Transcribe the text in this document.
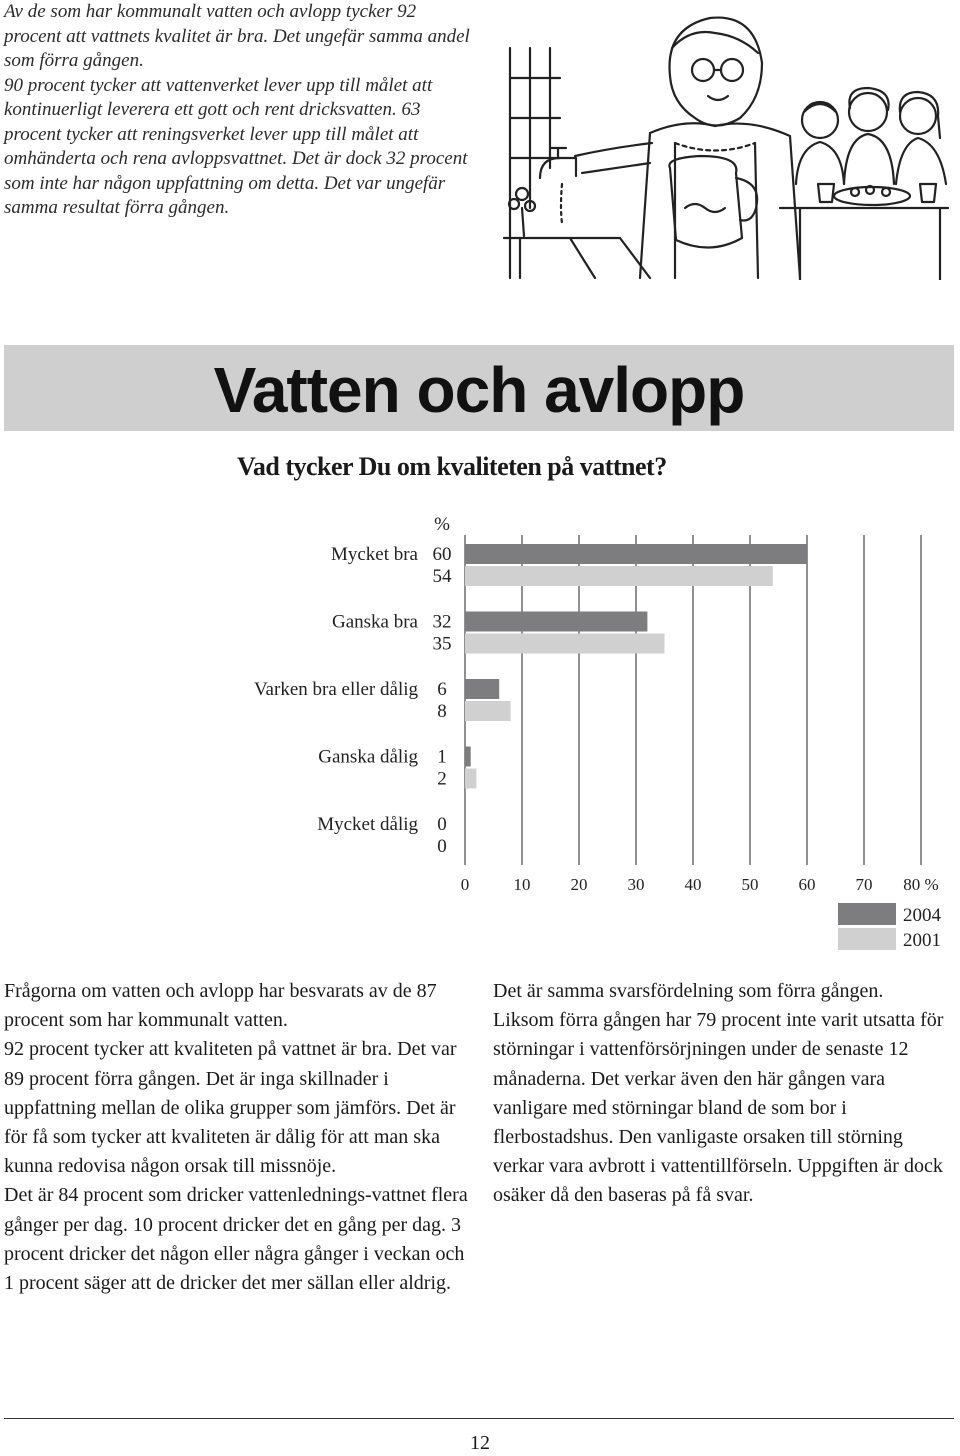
Av de som har kommunalt vatten och avlopp tycker 92 procent att vattnets kvalitet är bra. Det ungefär samma andel som förra gången.

90 procent tycker att vattenverket lever upp till målet att kontinuerligt leverera ett gott och rent dricksvatten. 63 procent tycker att reningsverket lever upp till målet att omhänderta och rena avloppsvattnet. Det är dock 32 procent som inte har någon uppfattning om detta. Det var ungefär samma resultat förra gången.

Vatten och avlopp
Vad tycker Du om kvaliteten på vattnet?
0	10 20 30 40 50 60 70 80 %
%
Mycket bra 60
54
Ganska bra 32
35
Varken bra eller dålig 6
8
Ganska dålig 1
2
Mycket dålig 0
0
2004
2001

Frågorna om vatten och avlopp har besvarats av de 87 procent som har kommunalt vatten.

92 procent tycker att kvaliteten på vattnet är bra. Det var 89 procent förra gången. Det är inga skillnader i uppfattning mellan de olika grupper som jämförs. Det är för få som tycker att kvaliteten är dålig för att man ska kunna redovisa någon orsak till missnöje.

Det är 84 procent som dricker vattenlednings-vattnet flera gånger per dag. 10 procent dricker det en gång per dag. 3 procent dricker det någon eller några gånger i veckan och 1 procent säger att de dricker det mer sällan eller aldrig.

Det är samma svarsfördelning som förra gången.

Liksom förra gången har 79 procent inte varit utsatta för störningar i vattenförsörjningen under de senaste 12 månaderna. Det verkar även den här gången vara vanligare med störningar bland de som bor i flerbostadshus. Den vanligaste orsaken till störning verkar vara avbrott i vattentillförseln. Uppgiften är dock osäker då den baseras på få svar.

12
